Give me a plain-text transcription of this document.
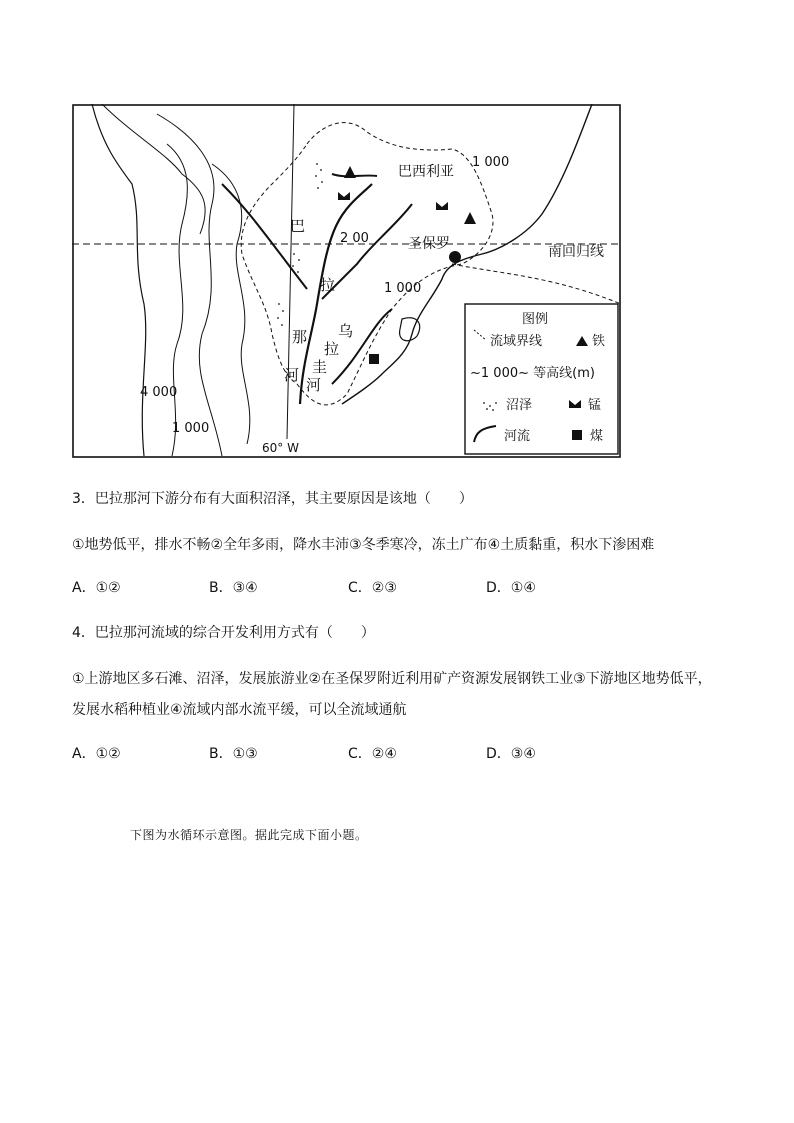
巴西利亚
圣保罗	南回归线
60° W
巴
拉
那
河
乌
拉
圭
河
1 000
2 00
1 000
4 000
1 000
图例
流域界线	铁
~1 000~ 等高线(m)
沼泽	锰
河流	煤
3．巴拉那河下游分布有大面积沼泽，其主要原因是该地（　　）
①地势低平，排水不畅②全年多雨，降水丰沛③冬季寒冷，冻土广布④土质黏重，积水下渗困难
A．①②	B．③④	C．②③	D．①④
4．巴拉那河流域的综合开发利用方式有（　　）
①上游地区多石滩、沼泽，发展旅游业②在圣保罗附近利用矿产资源发展钢铁工业③下游地区地势低平，
发展水稻种植业④流域内部水流平缓，可以全流域通航
A．①②	B．①③	C．②④	D．③④
下图为水循环示意图。据此完成下面小题。
